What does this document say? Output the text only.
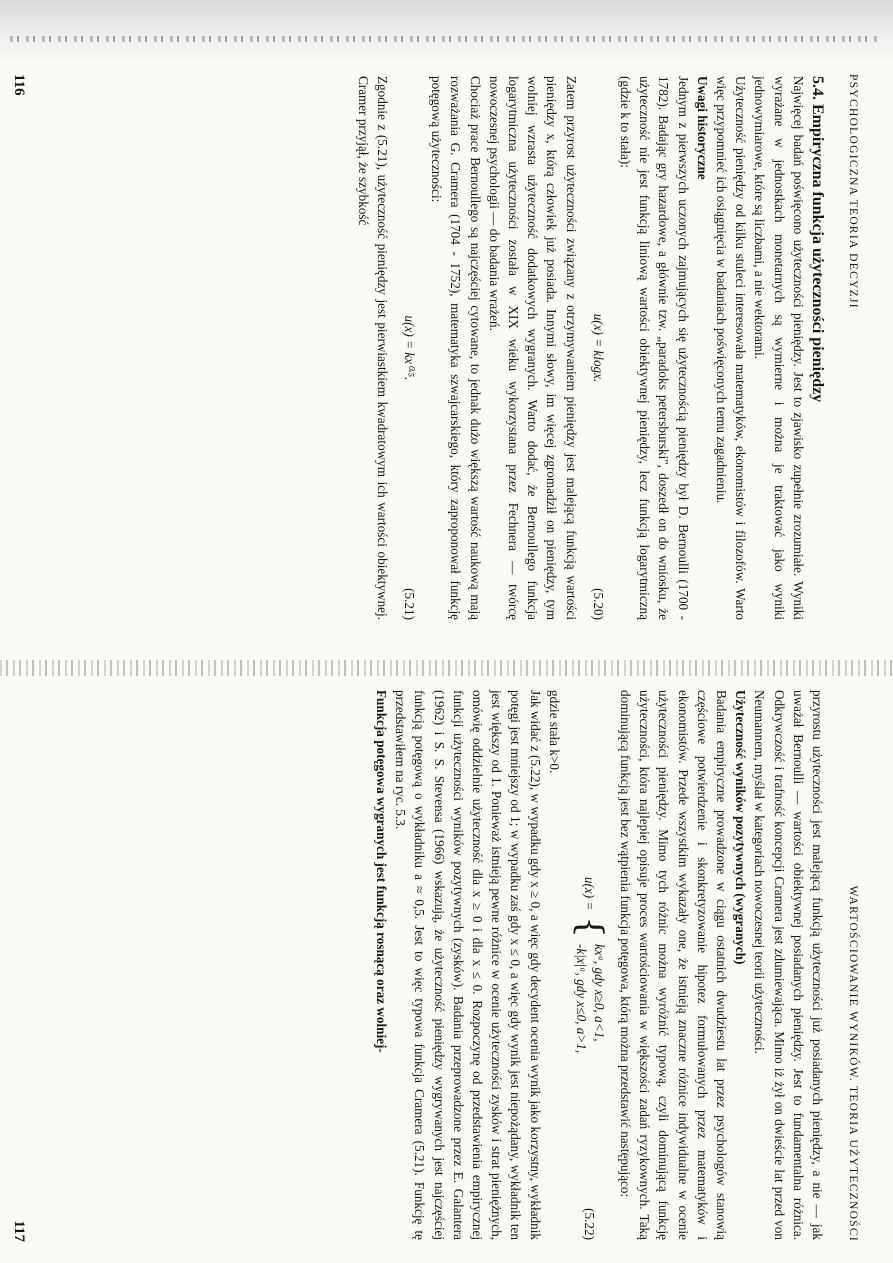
PSYCHOLOGICZNA TEORIA DECYZJI

5.4. Empiryczna funkcja użyteczności pieniędzy

Najwięcej badań poświęcono użyteczności pieniędzy. Jest to zjawisko zupełnie zrozumiałe. Wyniki wyrażane w jednostkach monetarnych są wymierne i można je traktować jako wyniki jednowymiarowe, które są liczbami, a nie wektorami.

Użyteczność pieniędzy od kilku stuleci interesowała matematyków, ekonomistów i filozofów. Warto więc przypomnieć ich osiągnięcia w badaniach poświęconych temu zagadnieniu.

Uwagi historyczne

Jednym z pierwszych uczonych zajmujących się użytecznością pieniędzy był D. Bernoulli (1700 - 1782). Badając gry hazardowe, a głównie tzw. „paradoks petersburski", doszedł on do wniosku, że użyteczność nie jest funkcją liniową wartości obiektywnej pieniędzy, lecz funkcją logarytmiczną (gdzie k to stała):

u(x) = klogx.
(5.20)

Zatem przyrost użyteczności związany z otrzymywaniem pieniędzy jest malejącą funkcją wartości pieniędzy x, którą człowiek już posiada. Innymi słowy, im więcej zgromadził on pieniędzy, tym wolniej wzrasta użyteczność dodatkowych wygranych. Warto dodać, że Bernoullego funkcja logarytmiczna użyteczności została w XIX wieku wykorzystana przez Fechnera — twórcę nowoczesnej psychologii — do badania wrażeń.

Chociaż prace Bernoullego są najczęściej cytowane, to jednak dużo większą wartość naukową mają rozważania G. Cramera (1704 - 1752), matematyka szwajcarskiego, który zaproponował funkcję potęgową użyteczności:

u(x) = kx⁰·⁵.
(5.21)

Zgodnie z (5.21), użyteczność pieniędzy jest pierwiastkiem kwadratowym ich wartości obiektywnej. Cramer przyjął, że szybkość

116
WARTOŚCIOWANIE WYNIKÓW. TEORIA UŻYTECZNOŚCI

przyrostu użyteczności jest malejącą funkcją użyteczności już posiadanych pieniędzy, a nie — jak uważał Bernoulli — wartości obiektywnej posiadanych pieniędzy. Jest to fundamentalna różnica. Odkrywczość i trafność koncepcji Cramera jest zdumiewająca. Mimo iż żył on dwieście lat przed von Neumannem, myślał w kategoriach nowoczesnej teorii użyteczności.

Użyteczność wyników pozytywnych (wygranych)

Badania empiryczne prowadzone w ciągu ostatnich dwudziestu lat przez psychologów stanowią częściowe potwierdzenie i skonkretyzowanie hipotez formułowanych przez matematyków i ekonomistów. Przede wszystkim wykazały one, że istnieją znaczne różnice indywidualne w ocenie użyteczności pieniędzy. Mimo tych różnic można wyróżnić typową, czyli dominującą funkcję użyteczności, która najlepiej opisuje proces wartościowania w większości zadań ryzykownych. Taką dominującą funkcją jest bez wątpienia funkcja potęgowa, którą można przedstawić następująco:

u(x) =
{
kxᵃ, gdy x≥0, a<1,
-k|x|ᵃ, gdy x≤0, a>1,
(5.22)

gdzie stała k>0.

Jak widać z (5.22), w wypadku gdy x ≥ 0, a więc gdy decydent ocenia wynik jako korzystny, wykładnik potęgi jest mniejszy od 1; w wypadku zaś gdy x ≤ 0, a więc gdy wynik jest niepożądany, wykładnik ten jest większy od 1. Ponieważ istnieją pewne różnice w ocenie użyteczności zysków i strat pieniężnych, omówię oddzielnie użyteczność dla x ≥ 0 i dla x ≤ 0. Rozpoczynę od przedstawienia empirycznej funkcji użyteczności wyników pozytywnych (zysków). Badania przeprowadzone przez E. Galantera (1962) i S. S. Stevensa (1966) wskazują, że użyteczność pieniędzy wygrywanych jest najczęściej funkcją potęgową o wykładniku a ≈ 0,5. Jest to więc typowa funkcja Cramera (5.21). Funkcję tę przedstawiłem na ryc. 5.3.

Funkcja potęgowa wygranych jest funkcją rosnącą oraz wolniej-

117
